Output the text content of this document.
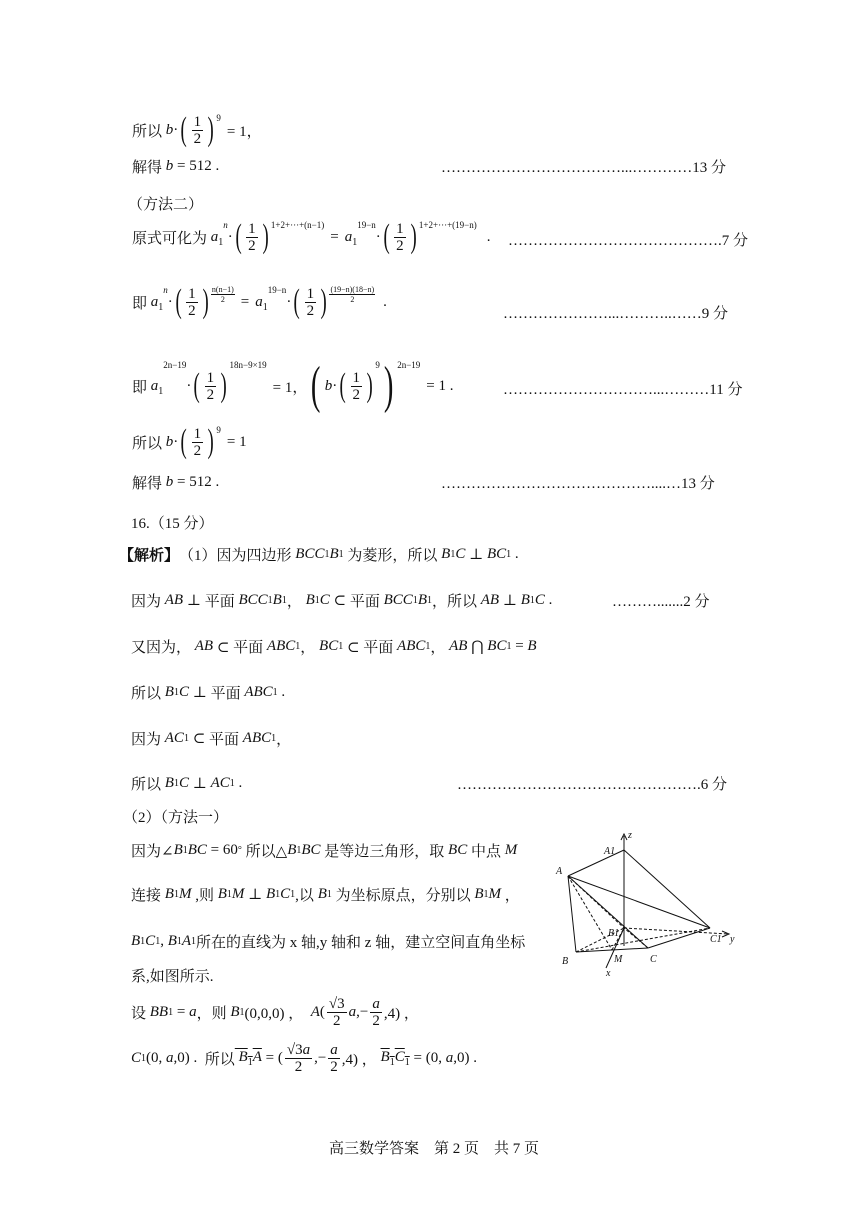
所以 b · ( $\frac{1}{2}$ ) 9
= 1，
解得 b = 512 .	………………………………...…………13 分
（方法二）
原式可化为 $a_1$
n
· ( $\frac{1}{2}$ ) 1+2+···+(n−1)
= $a_1$
19−n
· ( $\frac{1}{2}$ ) 1+2+···+(19−n)
. …………………………………….7 分
即 $a_1$
n
· ( $\frac{1}{2}$ ) $\frac{n(n-1)}{2} = a_1$
19−n
· ( $\frac{1}{2}$ ) $\frac{(19-n)(18-n)}{2}$ .
…………………...………..……9 分
即 $a_1$
2n−19
· ( $\frac{1}{2}$ )
18n−9×19
= 1， ( b · ( $\frac{1}{2}$ )
9 ) 2n−19
= 1 .	…………………………...………11 分
所以 b · ( $\frac{1}{2}$ ) 9
= 1
解得 b = 512 .	……………………………………....…13 分
16.（15 分）
【解析】 （1）因为四边形 BCC 1 B 1
为菱形，所以 B 1 C ⊥ BC 1 .
因为 AB ⊥ 平面 BCC 1 B 1 ， B 1 C ⊂ 平面 BCC 1 B 1 ，所以 AB ⊥ B 1 C .	……….......2 分
又因为， AB ⊂ 平面 ABC 1 ， BC 1 ⊂ 平面 ABC 1 ， AB ⋂ BC 1 = B
所以 B 1 C ⊥ 平面 ABC 1 .
因为 AC 1 ⊂ 平面 ABC 1 ，
所以 B 1 C ⊥ AC 1 .	………………………………………….6 分
（2）（方法一）
因为∠ B 1 BC = 60 °
所以△ B 1 BC
是等边三角形，取 BC 中点 M
连接 B 1 M
,则 B 1 M ⊥ B 1 C 1 ,以 B 1
为坐标原点，分别以 B 1 M ，
B 1 C 1 , B 1 A 1 所在的直线为 x 轴,y 轴和 z 轴，建立空间直角坐标
系,如图所示.
设 BB 1 = a ，则 B 1 (0,0,0) ， A ( $\frac{√3}{2}$ a ,− $\frac{a}{2} ,4$) ，
C 1 (0, a ,0) . 所以 $B_1A$ = ( $\frac{√3a}{2}$ ,− $\frac{a}{2} ,4$) ， $B_1C_1 = (0$, a ,0) .
z
A
A1
B1
C1 y
B	M	C
x
高三数学答案　第 2 页　共 7 页
